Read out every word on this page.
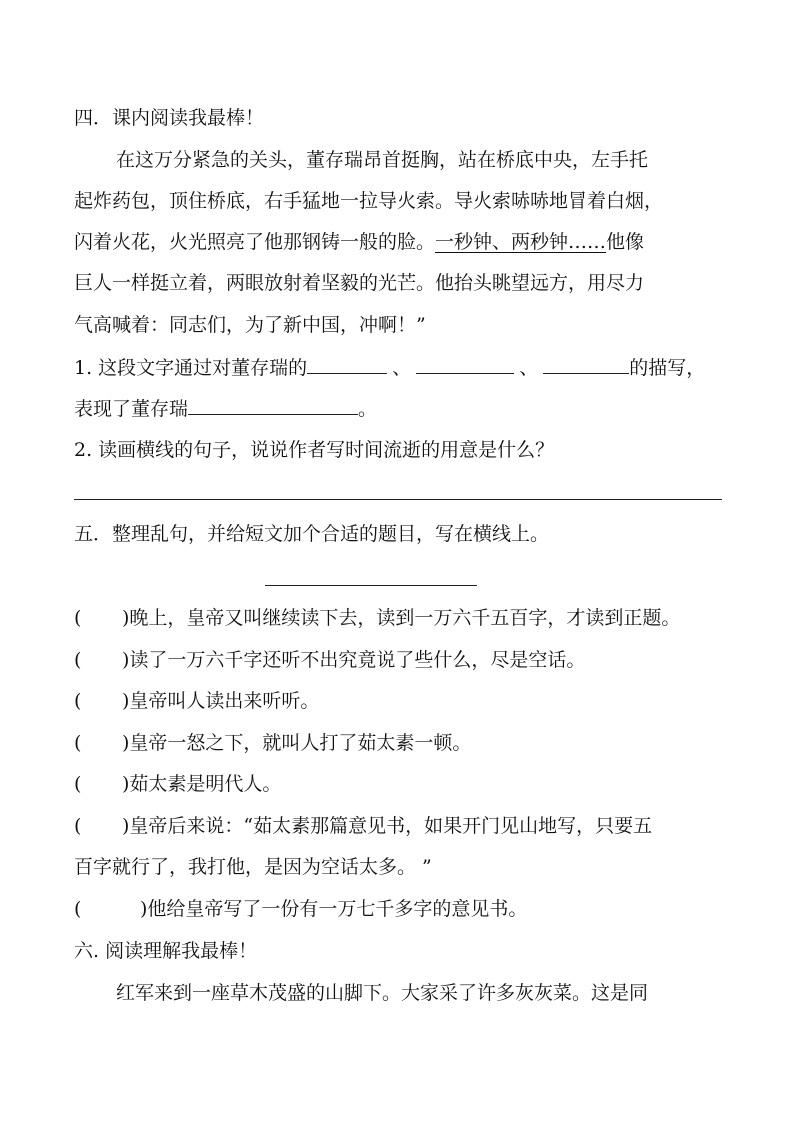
四．课内阅读我最棒！
在这万分紧急的关头，董存瑞昂首挺胸，站在桥底中央，左手托
起炸药包，顶住桥底，右手猛地一拉导火索。导火索哧哧地冒着白烟，
闪着火花，火光照亮了他那钢铸一般的脸。一秒钟、两秒钟……他像
巨人一样挺立着，两眼放射着坚毅的光芒。他抬头眺望远方，用尽力
气高喊着：同志们，为了新中国，冲啊！”
1. 这段文字通过对董存瑞的	、	、	的描写，
表现了董存瑞	。
2. 读画横线的句子，说说作者写时间流逝的用意是什么？
五．整理乱句，并给短文加个合适的题目，写在横线上。
( )晚上，皇帝又叫继续读下去，读到一万六千五百字，才读到正题。
( )读了一万六千字还听不出究竟说了些什么，尽是空话。
( )皇帝叫人读出来听听。
( )皇帝一怒之下，就叫人打了茹太素一顿。
( )茹太素是明代人。
( )皇帝后来说：“茹太素那篇意见书，如果开门见山地写，只要五
百字就行了，我打他，是因为空话太多。 ”
(	)他给皇帝写了一份有一万七千多字的意见书。
六. 阅读理解我最棒！
红军来到一座草木茂盛的山脚下。大家采了许多灰灰菜。这是同
